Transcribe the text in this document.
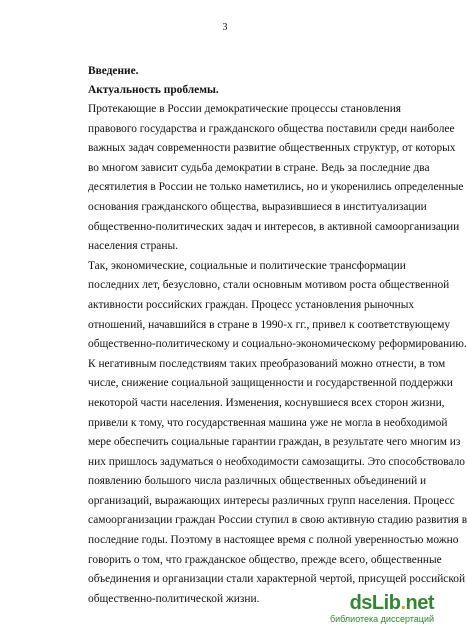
3
Введение.
Актуальность проблемы.
Протекающие в России демократические процессы становления
правового государства и гражданского общества поставили среди наиболее
важных задач современности развитие общественных структур, от которых
во многом зависит судьба демократии в стране. Ведь за последние два
десятилетия в России не только наметились, но и укоренились определенные
основания гражданского общества, выразившиеся в институализации
общественно-политических задач и интересов, в активной самоорганизации
населения страны.
Так, экономические, социальные и политические трансформации
последних лет, безусловно, стали основным мотивом роста общественной
активности российских граждан. Процесс установления рыночных
отношений, начавшийся в стране в 1990-х гг., привел к соответствующему
общественно-политическому и социально-экономическому реформированию.
К негативным последствиям таких преобразований можно отнести, в том
числе, снижение социальной защищенности и государственной поддержки
некоторой части населения. Изменения, коснувшиеся всех сторон жизни,
привели к тому, что государственная машина уже не могла в необходимой
мере обеспечить социальные гарантии граждан, в результате чего многим из
них пришлось задуматься о необходимости самозащиты. Это способствовало
появлению большого числа различных общественных объединений и
организаций, выражающих интересы различных групп населения. Процесс
самоорганизации граждан России ступил в свою активную стадию развития в
последние годы. Поэтому в настоящее время с полной уверенностью можно
говорить о том, что гражданское общество, прежде всего, общественные
объединения и организации стали характерной чертой, присущей российской
общественно-политической жизни.	dsLib.net
библиотека диссертаций
